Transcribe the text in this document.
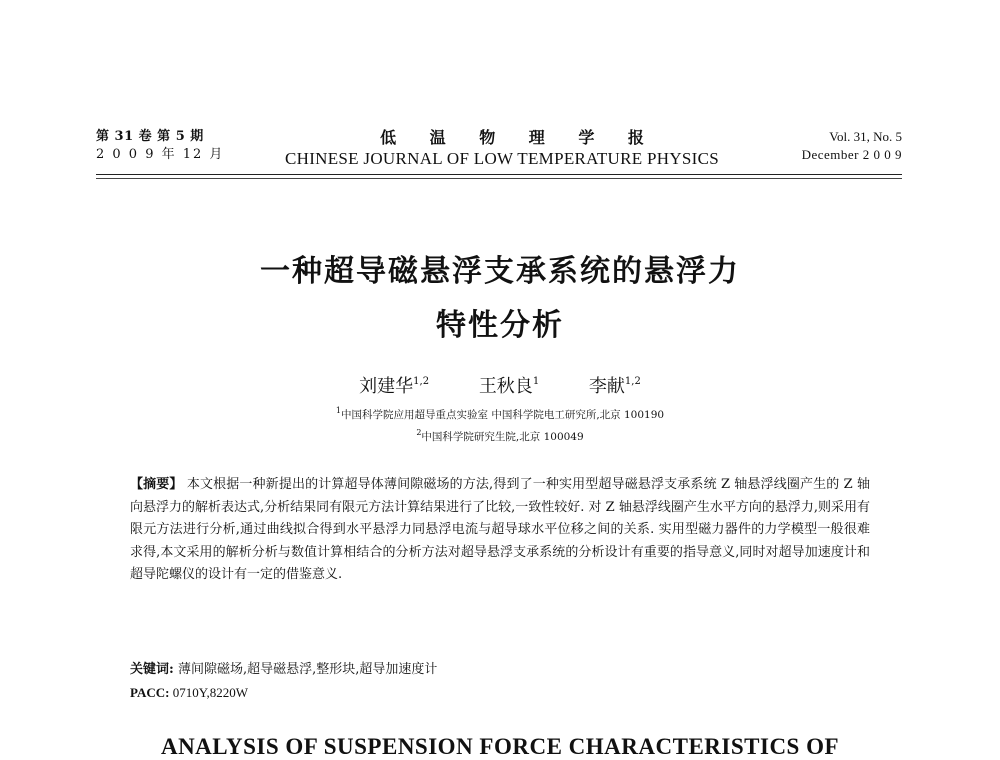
第 31 卷 第 5 期
2 0 0 9 年 12 月
低 温 物 理 学 报
CHINESE JOURNAL OF LOW TEMPERATURE PHYSICS
Vol. 31, No. 5
December 2 0 0 9
一种超导磁悬浮支承系统的悬浮力
特性分析
刘建华$^{1,2}$	王秋良$^1$	李献$^{1,2}$
$^1$中国科学院应用超导重点实验室 中国科学院电工研究所,北京 100190
$^2$中国科学院研究生院,北京 100049
【摘要】 本文根据一种新提出的计算超导体薄间隙磁场的方法,得到了一种实用型超导磁悬浮支承系统 Z 轴悬浮线圈产生的 Z 轴向悬浮力的解析表达式,分析结果同有限元方法计算结果进行了比较,一致性较好. 对 Z 轴悬浮线圈产生水平方向的悬浮力,则采用有限元方法进行分析,通过曲线拟合得到水平悬浮力同悬浮电流与超导球水平位移之间的关系. 实用型磁力器件的力学模型一般很难求得,本文采用的解析分析与数值计算相结合的分析方法对超导悬浮支承系统的分析设计有重要的指导意义,同时对超导加速度计和超导陀螺仪的设计有一定的借鉴意义.
关键词: 薄间隙磁场,超导磁悬浮,整形块,超导加速度计
PACC: 0710Y,8220W
ANALYSIS OF SUSPENSION FORCE CHARACTERISTICS OF
